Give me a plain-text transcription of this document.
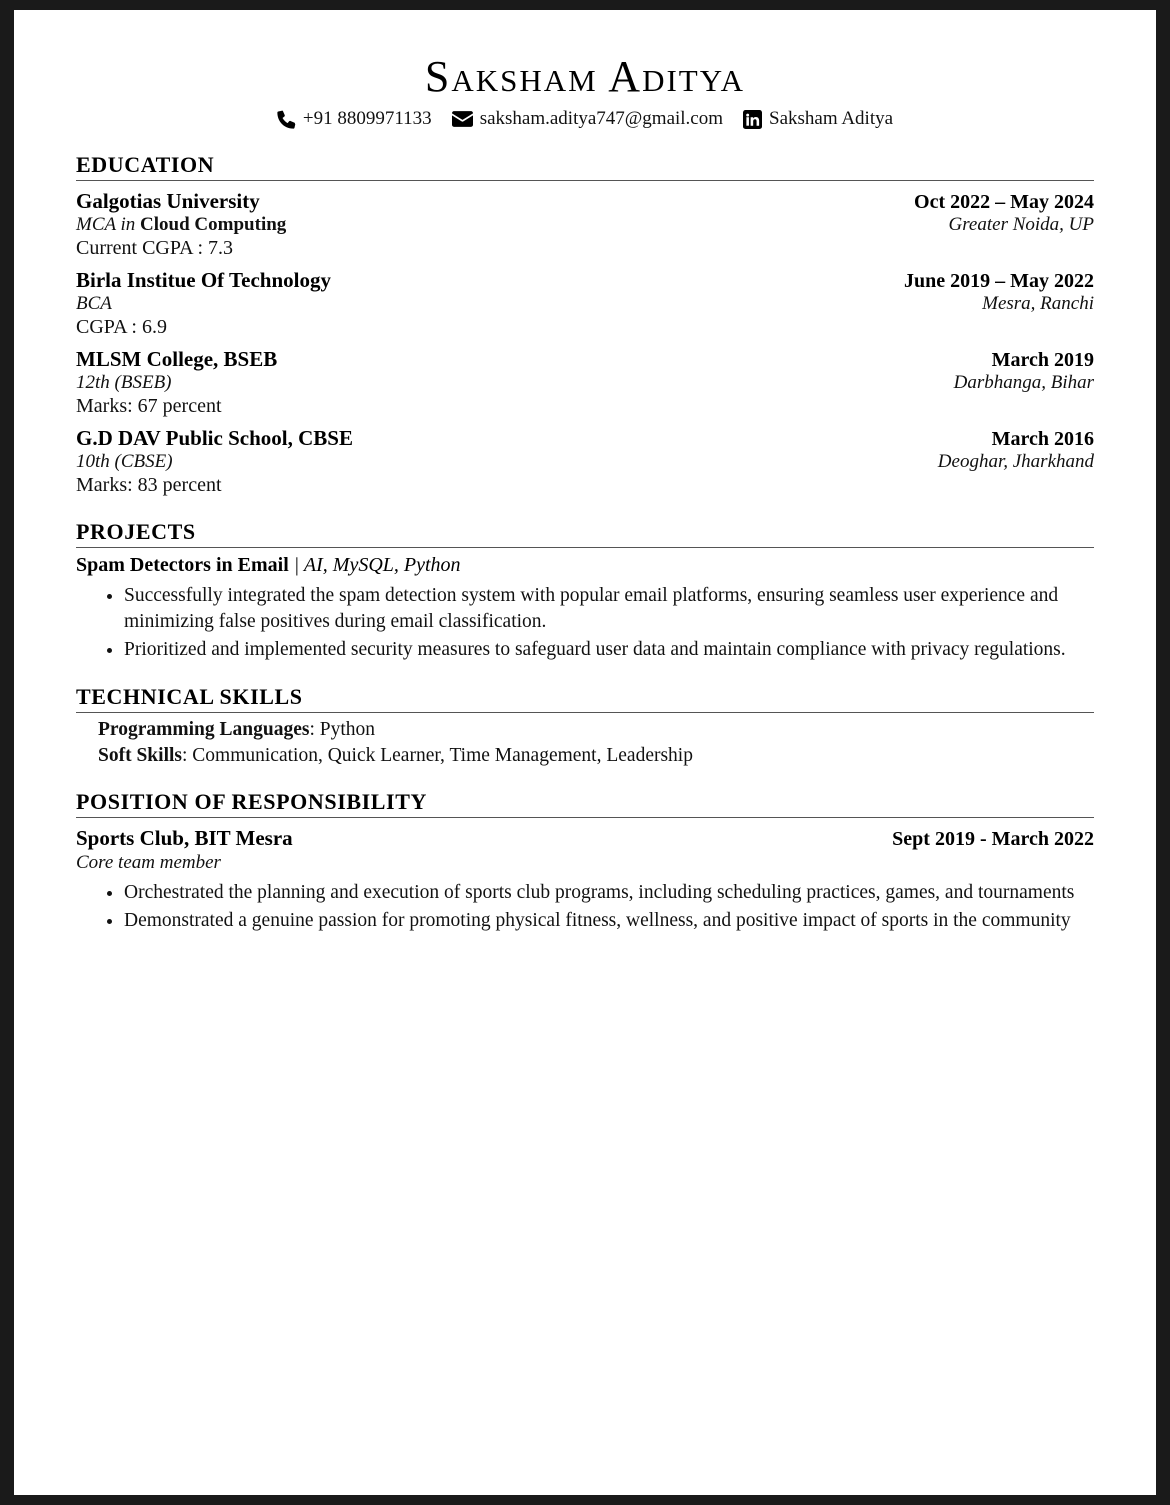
Saksham Aditya
+91 8809971133	saksham.aditya747@gmail.com Saksham Aditya
EDUCATION
Galgotias University	Oct 2022 – May 2024
MCA in Cloud Computing	Greater Noida, UP
Current CGPA : 7.3
Birla Institue Of Technology	June 2019 – May 2022
BCA	Mesra, Ranchi
CGPA : 6.9
MLSM College, BSEB	March 2019
12th (BSEB)	Darbhanga, Bihar
Marks: 67 percent
G.D DAV Public School, CBSE	March 2016
10th (CBSE)	Deoghar, Jharkhand
Marks: 83 percent
PROJECTS
Spam Detectors in Email | AI, MySQL, Python
• Successfully integrated the spam detection system with popular email platforms, ensuring seamless user experience and minimizing false positives during email classification.
• Prioritized and implemented security measures to safeguard user data and maintain compliance with privacy regulations.
TECHNICAL SKILLS
Programming Languages: Python
Soft Skills: Communication, Quick Learner, Time Management, Leadership
POSITION OF RESPONSIBILITY
Sports Club, BIT Mesra	Sept 2019 - March 2022
Core team member
• Orchestrated the planning and execution of sports club programs, including scheduling practices, games, and tournaments
• Demonstrated a genuine passion for promoting physical fitness, wellness, and positive impact of sports in the community
